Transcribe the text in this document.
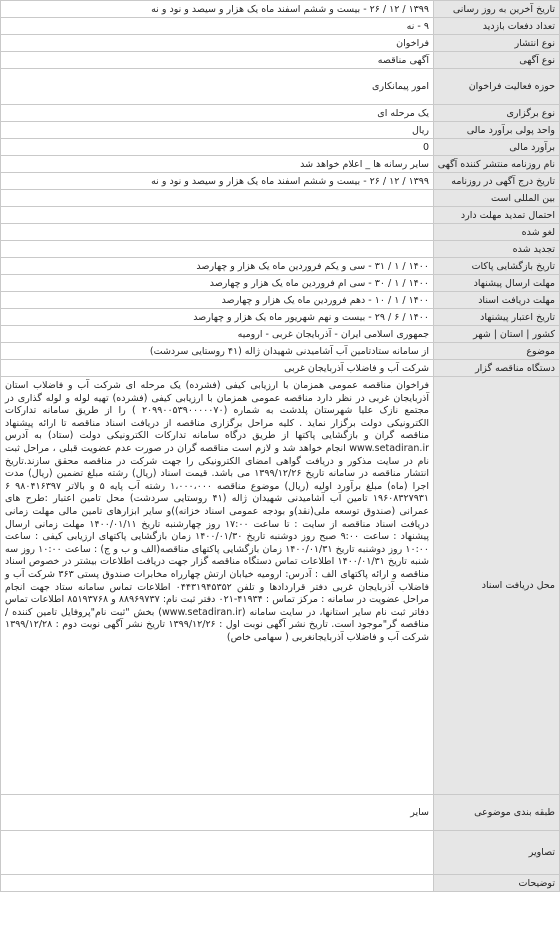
تاریخ آخرین به روز رسانی	۱۳۹۹ / ۱۲ / ۲۶ - بیست و ششم اسفند ماه یک هزار و سیصد و نود و نه
تعداد دفعات بازدید	۹ - نه
نوع انتشار	فراخوان
نوع آگهی	آگهی مناقصه
حوزه فعالیت فراخوان	امور پیمانکاری
نوع برگزاری	یک مرحله ای
واحد پولی برآورد مالی	ریال
برآورد مالی	0
نام روزنامه منتشر کننده آگهی	سایر رسانه ها _ اعلام خواهد شد
تاریخ درج آگهی در روزنامه	۱۳۹۹ / ۱۲ / ۲۶ - بیست و ششم اسفند ماه یک هزار و سیصد و نود و نه
بین المللی است	
احتمال تمدید مهلت دارد	
لغو شده	
تجدید شده	
تاریخ بازگشایی پاکات	۱۴۰۰ / ۱ / ۳۱ - سی و یکم فروردین ماه یک هزار و چهارصد
مهلت ارسال پیشنهاد	۱۴۰۰ / ۱ / ۳۰ - سی ام فروردین ماه یک هزار و چهارصد
مهلت دریافت اسناد	۱۴۰۰ / ۱ / ۱۰ - دهم فروردین ماه یک هزار و چهارصد
تاریخ اعتبار پیشنهاد	۱۴۰۰ / ۶ / ۲۹ - بیست و نهم شهریور ماه یک هزار و چهارصد
کشور | استان | شهر	جمهوری اسلامی ایران - آذربایجان غربی - ارومیه
موضوع	از سامانه ستادتامین آب آشامیدنی شهیدان ژاله (۴۱ روستایی سردشت)
دستگاه مناقصه گزار	شرکت آب و فاضلاب آذربایجان غربی
محل دریافت اسناد	فراخوان مناقصه عمومی همزمان با ارزیابی کیفی (فشرده) یک مرحله ای شرکت آب و فاضلاب استان آذربایجان غربی در نظر دارد مناقصه عمومی همزمان با ارزیابی کیفی (فشرده) تهیه لوله و لوله گذاری در مجتمع نازک علیا شهرستان پلدشت به شماره (۲۰۹۹۰۰۵۳۹۰۰۰۰۰۷۰ ) را از طریق سامانه تدارکات الکترونیکی دولت برگزار نماید . کلیه مراحل برگزاری مناقصه از دریافت اسناد مناقصه تا ارائه پیشنهاد مناقصه گران و بازگشایی پاکتها از طریق درگاه سامانه تدارکات الکترونیکی دولت (ستاد) به آدرس www.setadiran.ir انجام خواهد شد و لازم است مناقصه گران در صورت عدم عضویت قبلی ، مراحل ثبت نام در سایت مذکور و دریافت گواهی امضای الکترونیکی را جهت شرکت در مناقصه محقق سازند.تاریخ انتشار مناقصه در سامانه تاریخ ۱۳۹۹/۱۲/۲۶ می باشد. قیمت اسناد (ریال) رشته مبلغ تضمین (ریال) مدت اجرا (ماه) مبلغ برآورد اولیه (ریال) موضوع مناقصه ۱،۰۰۰،۰۰۰ رشته آب پایه ۵ و بالاتر ۹۸۰۴۱۶۳۹۷ ۶ ۱۹۶۰۸۳۲۷۹۳۱ تامین آب آشامیدنی شهیدان ژاله (۴۱ روستایی سردشت) محل تامین اعتبار :طرح های عمرانی (صندوق توسعه ملی(نقد)و بودجه عمومی اسناد خزانه))و سایر ابزارهای تامین مالی مهلت زمانی دریافت اسناد مناقصه از سایت : تا ساعت ۱۷:۰۰ روز چهارشنبه تاریخ ۱۴۰۰/۰۱/۱۱ مهلت زمانی ارسال پیشنهاد : ساعت ۹:۰۰ صبح روز دوشنبه تاریخ ۱۴۰۰/۰۱/۳۰ زمان بازگشایی پاکتهای ارزیابی کیفی : ساعت ۱۰:۰۰ روز دوشنبه تاریخ ۱۴۰۰/۰۱/۳۱ زمان بازگشایی پاکتهای مناقصه(الف و ب و ج) : ساعت ۱۰:۰۰ روز سه شنبه تاریخ ۱۴۰۰/۰۱/۳۱ اطلاعات تماس دستگاه مناقصه گزار جهت دریافت اطلاعات بیشتر در خصوص اسناد مناقصه و ارائه پاکتهای الف : آدرس: ارومیه خیابان ارتش چهارراه مخابرات صندوق پستی ۳۶۳ شرکت آب و فاضلاب آذربایجان غربی دفتر قراردادها و تلفن ۰۴۴۳۱۹۴۵۳۵۲ اطلاعات تماس سامانه ستاد جهت انجام مراحل عضویت در سامانه : مرکز تماس : ۴۱۹۳۴-۰۲۱ دفتر ثبت نام: ۸۸۹۶۹۷۳۷ و ۸۵۱۹۳۷۶۸ اطلاعات تماس دفاتر ثبت نام سایر استانها، در سایت سامانه (www.setadiran.ir) بخش "ثبت نام"پروفایل تامین کننده / مناقصه گر"موجود است. تاریخ نشر آگهی نوبت اول : ۱۳۹۹/۱۲/۲۶ تاریخ نشر آگهی نوبت دوم : ۱۳۹۹/۱۲/۲۸ شرکت آب و فاضلاب آذربایجانغربی ( سهامی خاص)
طبقه بندی موضوعی	سایر
تصاویر	
توضیحات	
